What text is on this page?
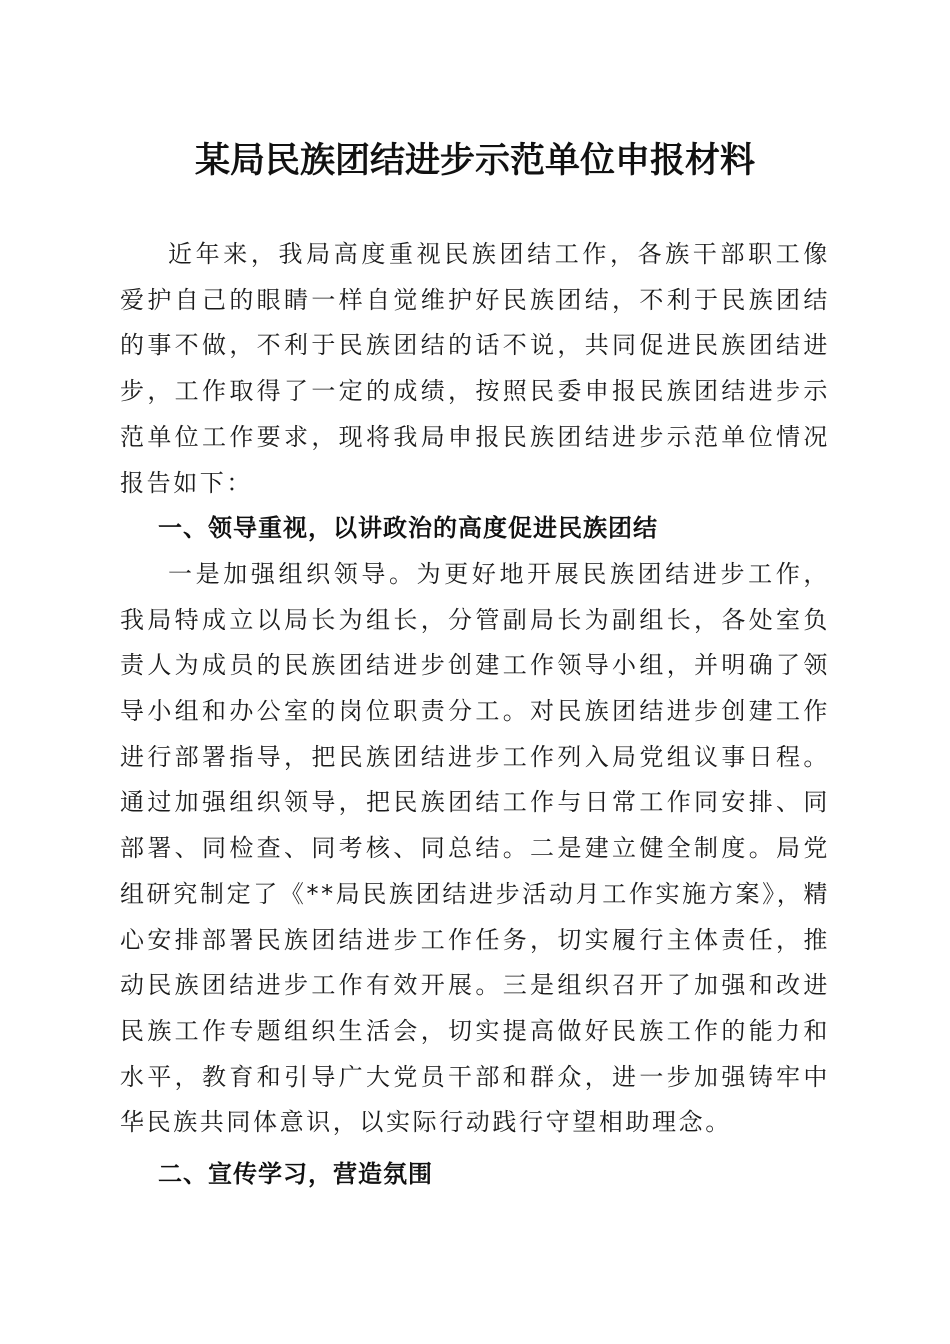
某局民族团结进步示范单位申报材料

近年来，我局高度重视民族团结工作，各族干部职工像爱护自己的眼睛一样自觉维护好民族团结，不利于民族团结的事不做，不利于民族团结的话不说，共同促进民族团结进步，工作取得了一定的成绩，按照民委申报民族团结进步示范单位工作要求，现将我局申报民族团结进步示范单位情况报告如下：

一、领导重视，以讲政治的高度促进民族团结

一是加强组织领导。为更好地开展民族团结进步工作，我局特成立以局长为组长，分管副局长为副组长，各处室负责人为成员的民族团结进步创建工作领导小组，并明确了领导小组和办公室的岗位职责分工。对民族团结进步创建工作进行部署指导，把民族团结进步工作列入局党组议事日程。通过加强组织领导，把民族团结工作与日常工作同安排、同部署、同检查、同考核、同总结。二是建立健全制度。局党组研究制定了《**局民族团结进步活动月工作实施方案》，精心安排部署民族团结进步工作任务，切实履行主体责任，推动民族团结进步工作有效开展。三是组织召开了加强和改进民族工作专题组织生活会，切实提高做好民族工作的能力和水平，教育和引导广大党员干部和群众，进一步加强铸牢中华民族共同体意识，以实际行动践行守望相助理念。

二、宣传学习，营造氛围
